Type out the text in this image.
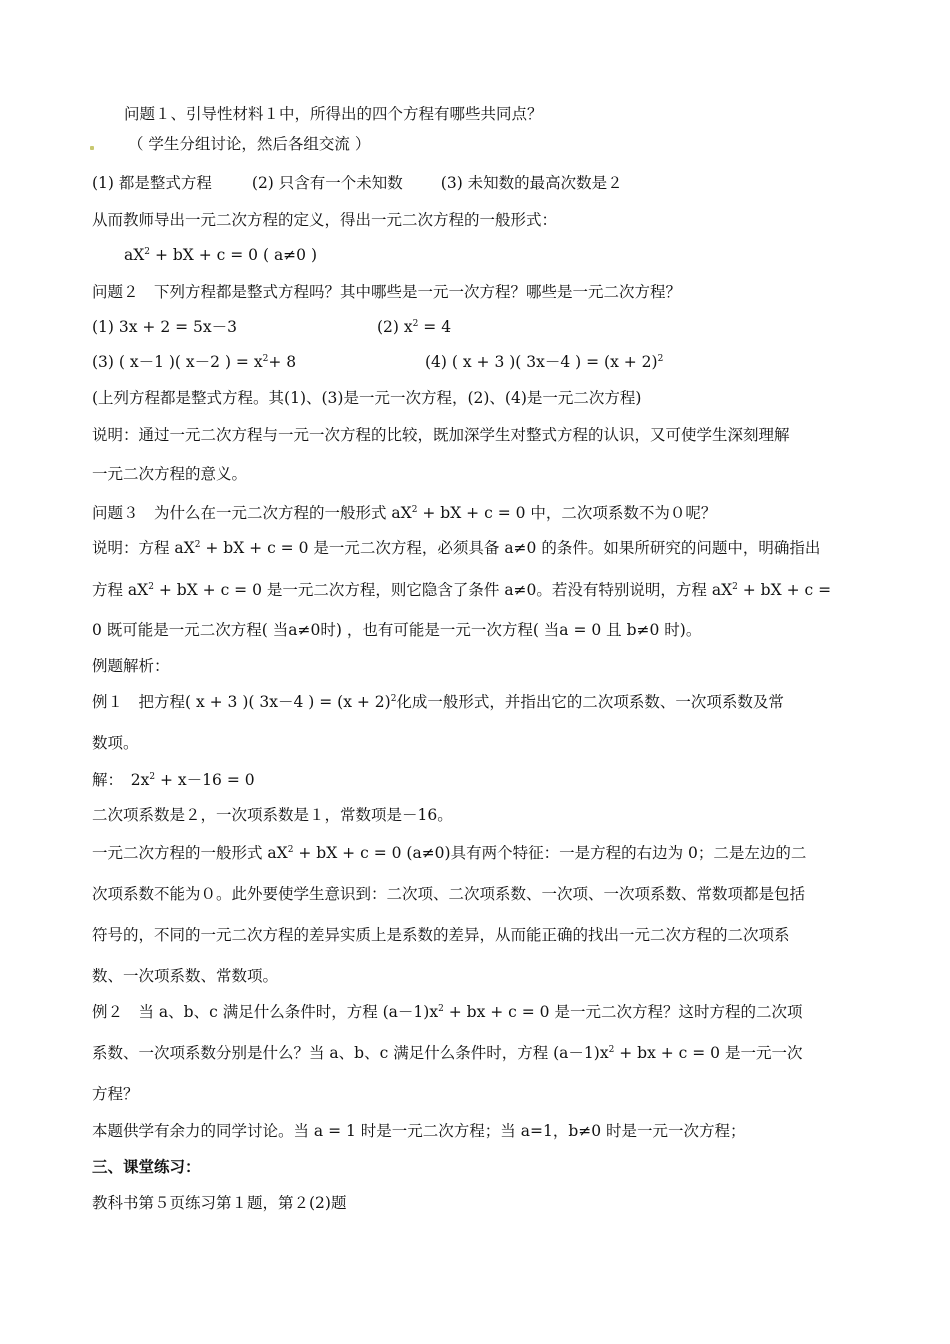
问题１、引导性材料１中，所得出的四个方程有哪些共同点？
（ 学生分组讨论，然后各组交流 ）
(1) 都是整式方程	(2) 只含有一个未知数 (3) 未知数的最高次数是２
从而教师导出一元二次方程的定义，得出一元二次方程的一般形式：
$aX^2$ + bX + c = 0 ( a≠0 )
问题２　下列方程都是整式方程吗？其中哪些是一元一次方程？哪些是一元二次方程？
(1) 3x + 2 = 5x－3	(2) $x^2 = 4$
(3) ( x－1 )( x－2 ) = $x^2+ 8$	(4) ( x + 3 )( 3x－4 ) = $(x + 2)^2$
(上列方程都是整式方程。其(1)、(3)是一元一次方程，(2)、(4)是一元二次方程)
说明：通过一元二次方程与一元一次方程的比较，既加深学生对整式方程的认识，又可使学生深刻理解
一元二次方程的意义。
问题３　为什么在一元二次方程的一般形式 $aX^2$ + bX + c = 0 中，二次项系数不为０呢？
说明：方程 $aX^2$ + bX + c = 0 是一元二次方程，必须具备 a≠0 的条件。如果所研究的问题中，明确指出
方程 $aX^2$ + bX + c = 0 是一元二次方程，则它隐含了条件 a≠0。若没有特别说明，方程 $aX^2$ + bX + c =
0 既可能是一元二次方程( 当a≠0时) ，也有可能是一元一次方程( 当a = 0 且 b≠0 时)。
例题解析：
例１　把方程( x + 3 )( 3x－4 ) = $(x + 2)^2$化成一般形式，并指出它的二次项系数、一次项系数及常
数项。
解：　$2x^2 + x-16 = 0$
二次项系数是２，一次项系数是１，常数项是－16。
一元二次方程的一般形式 $aX^2$ + bX + c = 0 (a≠0)具有两个特征：一是方程的右边为 0；二是左边的二
次项系数不能为０。此外要使学生意识到：二次项、二次项系数、一次项、一次项系数、常数项都是包括
符号的，不同的一元二次方程的差异实质上是系数的差异，从而能正确的找出一元二次方程的二次项系
数、一次项系数、常数项。
例２　当 a、b、c 满足什么条件时，方程 $(a-1)x^2$ + bx + c = 0 是一元二次方程？这时方程的二次项
系数、一次项系数分别是什么？当 a、b、c 满足什么条件时，方程 $(a-1)x^2$ + bx + c = 0 是一元一次
方程？
本题供学有余力的同学讨论。当 a = 1 时是一元二次方程；当 a=1，b≠0 时是一元一次方程；
三、课堂练习：
教科书第５页练习第１题，第２(2)题
